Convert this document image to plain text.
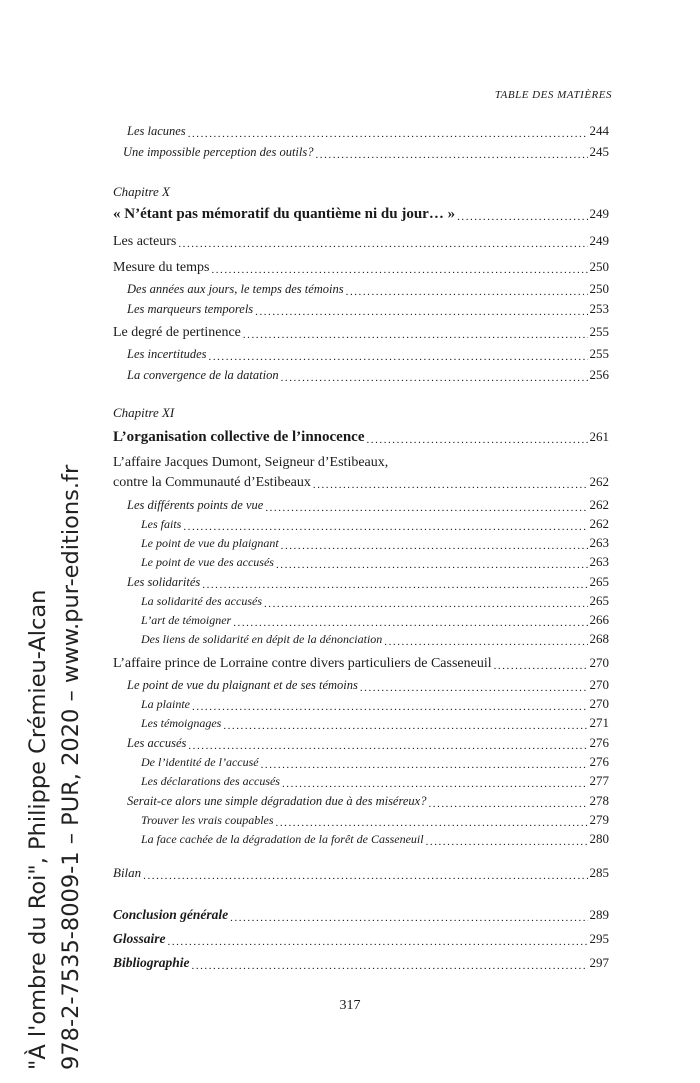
TABLE DES MATIÈRES
"À l'ombre du Roi", Philippe Crémieu-Alcan 978-2-7535-8009-1 – PUR, 2020 – www.pur-editions.fr
Les lacunes . . .	244
Une impossible perception des outils? . . .	245
Chapitre X
« N’étant pas mémoratif du quantième ni du jour… » . . .	249
Les acteurs . . .	249
Mesure du temps . . .	250
Des années aux jours, le temps des témoins . . .	250
Les marqueurs temporels . . .	253
Le degré de pertinence . . .	255
Les incertitudes . . .	255
La convergence de la datation . . .	256
Chapitre XI
L’organisation collective de l’innocence . . .	261
L’affaire Jacques Dumont, Seigneur d’Estibeaux,
contre la Communauté d’Estibeaux . . .	262
Les différents points de vue . . .	262
Les faits . . .	262
Le point de vue du plaignant . . .	263
Le point de vue des accusés . . .	263
Les solidarités . . .	265
La solidarité des accusés . . .	265
L’art de témoigner . . .	266
Des liens de solidarité en dépit de la dénonciation . . .	268
L’affaire prince de Lorraine contre divers particuliers de Casseneuil . . .	270
Le point de vue du plaignant et de ses témoins . . .	270
La plainte . . .	270
Les témoignages . . .	271
Les accusés . . .	276
De l’identité de l’accusé . . .	276
Les déclarations des accusés . . .	277
Serait-ce alors une simple dégradation due à des miséreux? . . .	278
Trouver les vrais coupables . . .	279
La face cachée de la dégradation de la forêt de Casseneuil . . .	280
Bilan . . .	285
Conclusion générale . . .	289
Glossaire . . .	295
Bibliographie . . .	297
317
